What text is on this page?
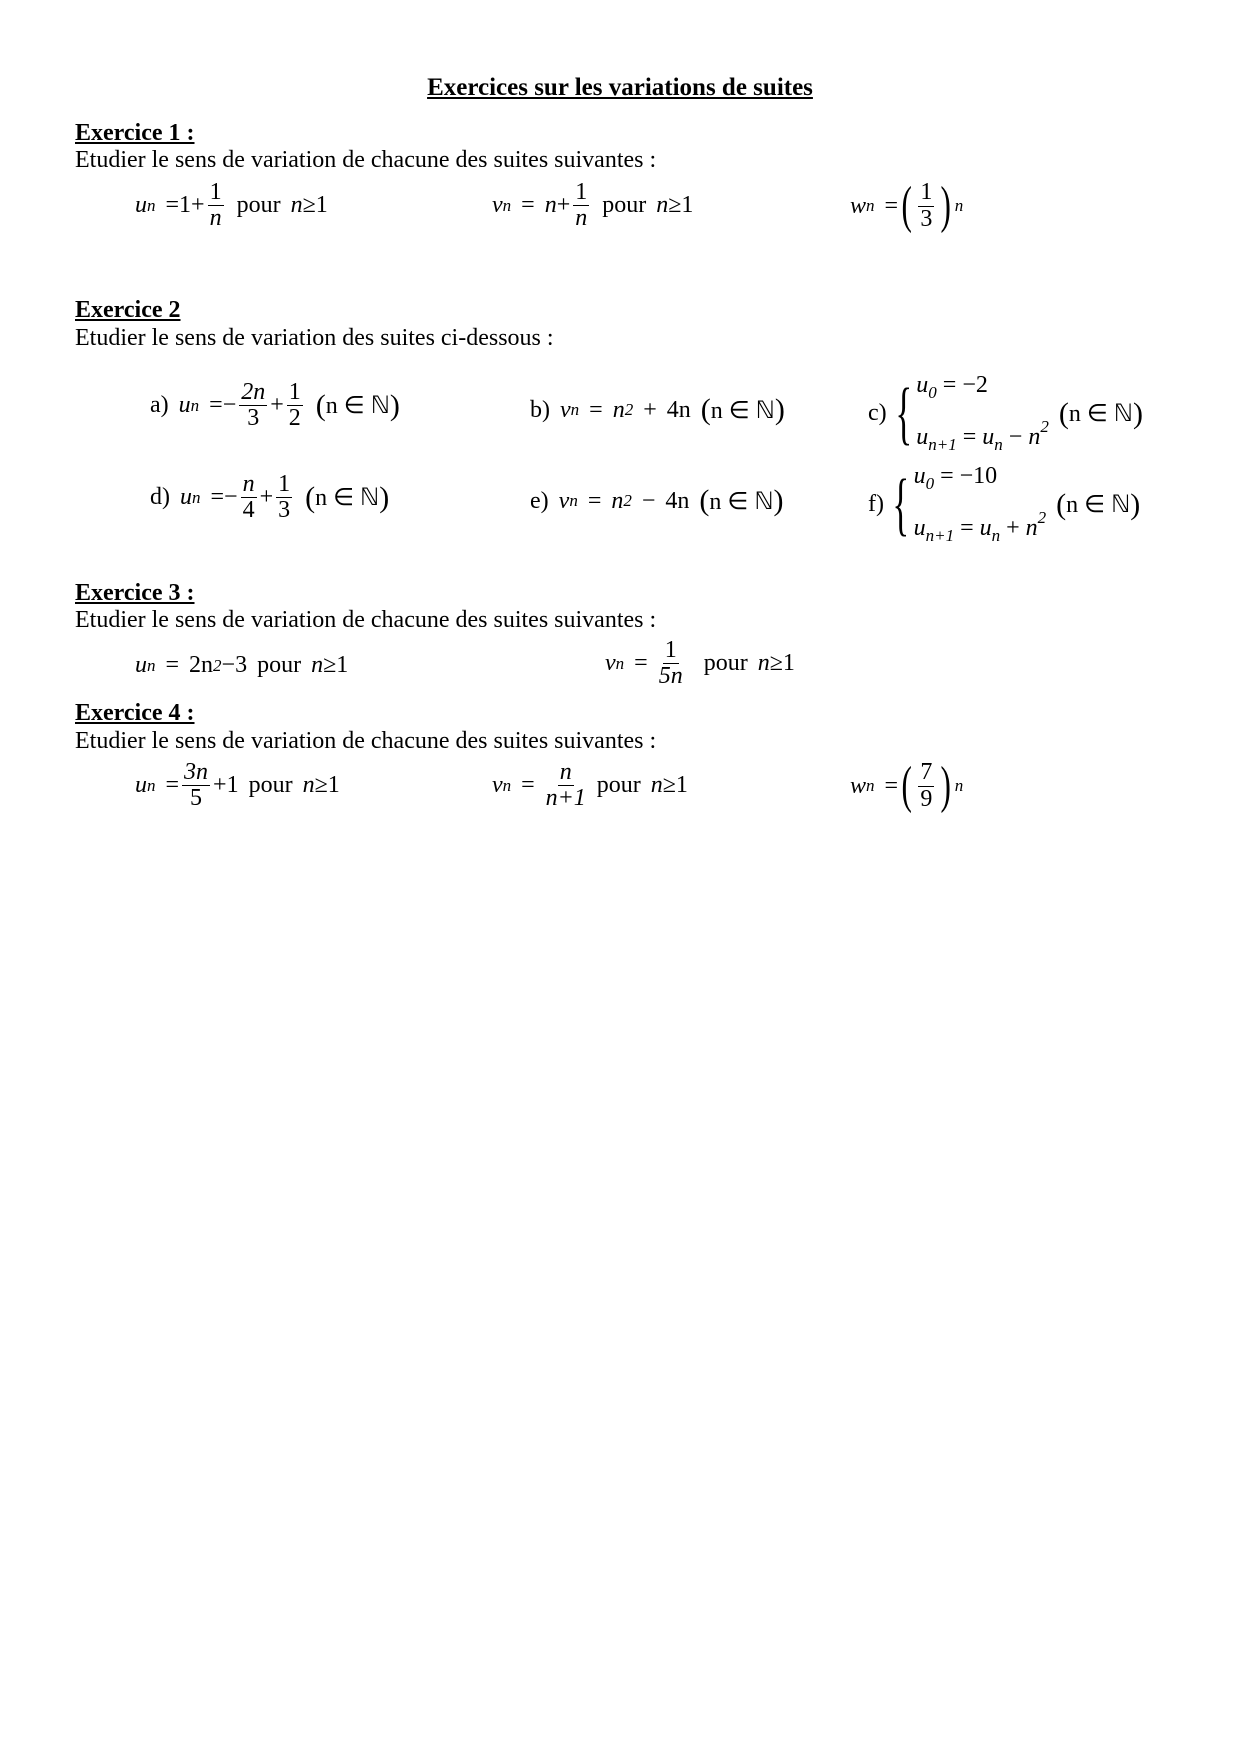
Exercices sur les variations de suites
Exercice 1 :
Etudier le sens de variation de chacune des suites suivantes :
u $n = 1 + \frac{1}{n}$ pour n ≥1	v $n = n + \frac{1}{n}$ pour n ≥1	w n = ( $\frac{1}{3}$ ) n
Exercice 2
Etudier le sens de variation des suites ci-dessous :
a) u n = − $\frac{2n}{3} + \frac{1}{2}$ ( n ∈ ℕ )	b) v n = n 2 + 4n ( n ∈ ℕ )	c) { $u_0 = -2$
$u_{n+1} = u_n - n^2$ ( n ∈ ℕ )
d) u n = − $\frac{n}{4} + \frac{1}{3}$ ( n ∈ ℕ )	e) v n = n 2 − 4n ( n ∈ ℕ )	f) { $u_0 = -10$
$u_{n+1} = u_n + n^2$ ( n ∈ ℕ )
Exercice 3 :
Etudier le sens de variation de chacune des suites suivantes :
u n = 2n 2 −3 pour n ≥1	v $n = \frac{1}{5n}$ pour n ≥1
Exercice 4 :
Etudier le sens de variation de chacune des suites suivantes :
u $n = \frac{3n}{5} + 1$ pour n ≥1	v $n = \frac{n}{n+1}$ pour n ≥1	w n = ( $\frac{7}{9}$ ) n
